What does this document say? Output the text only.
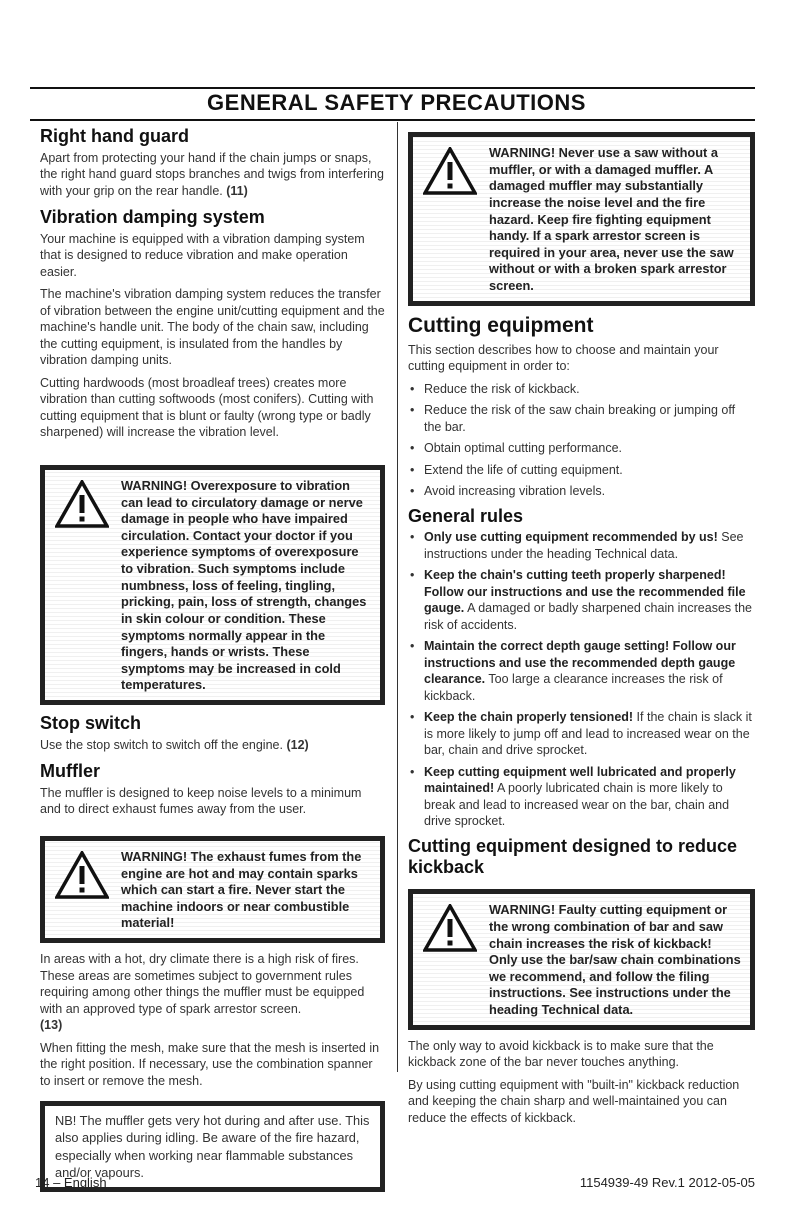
GENERAL SAFETY PRECAUTIONS
Right hand guard

Apart from protecting your hand if the chain jumps or snaps, the right hand guard stops branches and twigs from interfering with your grip on the rear handle. (11)

Vibration damping system

Your machine is equipped with a vibration damping system that is designed to reduce vibration and make operation easier.

The machine's vibration damping system reduces the transfer of vibration between the engine unit/cutting equipment and the machine's handle unit. The body of the chain saw, including the cutting equipment, is insulated from the handles by vibration damping units.

Cutting hardwoods (most broadleaf trees) creates more vibration than cutting softwoods (most conifers). Cutting with cutting equipment that is blunt or faulty (wrong type or badly sharpened) will increase the vibration level.

WARNING! Overexposure to vibration can lead to circulatory damage or nerve damage in people who have impaired circulation. Contact your doctor if you experience symptoms of overexposure to vibration. Such symptoms include numbness, loss of feeling, tingling, pricking, pain, loss of strength, changes in skin colour or condition. These symptoms normally appear in the fingers, hands or wrists. These symptoms may be increased in cold temperatures.
Stop switch

Use the stop switch to switch off the engine. (12)

Muffler

The muffler is designed to keep noise levels to a minimum and to direct exhaust fumes away from the user.

WARNING! The exhaust fumes from the engine are hot and may contain sparks which can start a fire. Never start the machine indoors or near combustible material!

In areas with a hot, dry climate there is a high risk of fires. These areas are sometimes subject to government rules requiring among other things the muffler must be equipped with an approved type of spark arrestor screen.
(13)

When fitting the mesh, make sure that the mesh is inserted in the right position. If necessary, use the combination spanner to insert or remove the mesh.

NB! The muffler gets very hot during and after use. This also applies during idling. Be aware of the fire hazard, especially when working near flammable substances and/or vapours.

WARNING! Never use a saw without a muffler, or with a damaged muffler. A damaged muffler may substantially increase the noise level and the fire hazard. Keep fire fighting equipment handy. If a spark arrestor screen is required in your area, never use the saw without or with a broken spark arrestor screen.
Cutting equipment

This section describes how to choose and maintain your cutting equipment in order to:

• Reduce the risk of kickback.
• Reduce the risk of the saw chain breaking or jumping off the bar.
• Obtain optimal cutting performance.
• Extend the life of cutting equipment.
• Avoid increasing vibration levels.
General rules
• Only use cutting equipment recommended by us! See instructions under the heading Technical data.
• Keep the chain's cutting teeth properly sharpened! Follow our instructions and use the recommended file gauge. A damaged or badly sharpened chain increases the risk of accidents.
• Maintain the correct depth gauge setting! Follow our instructions and use the recommended depth gauge clearance. Too large a clearance increases the risk of kickback.
• Keep the chain properly tensioned! If the chain is slack it is more likely to jump off and lead to increased wear on the bar, chain and drive sprocket.
• Keep cutting equipment well lubricated and properly maintained! A poorly lubricated chain is more likely to break and lead to increased wear on the bar, chain and drive sprocket.
Cutting equipment designed to reduce kickback
WARNING! Faulty cutting equipment or the wrong combination of bar and saw chain increases the risk of kickback! Only use the bar/saw chain combinations we recommend, and follow the filing instructions. See instructions under the heading Technical data.

The only way to avoid kickback is to make sure that the kickback zone of the bar never touches anything.

By using cutting equipment with "built-in" kickback reduction and keeping the chain sharp and well-maintained you can reduce the effects of kickback.

14 – English	1154939-49 Rev.1 2012-05-05
